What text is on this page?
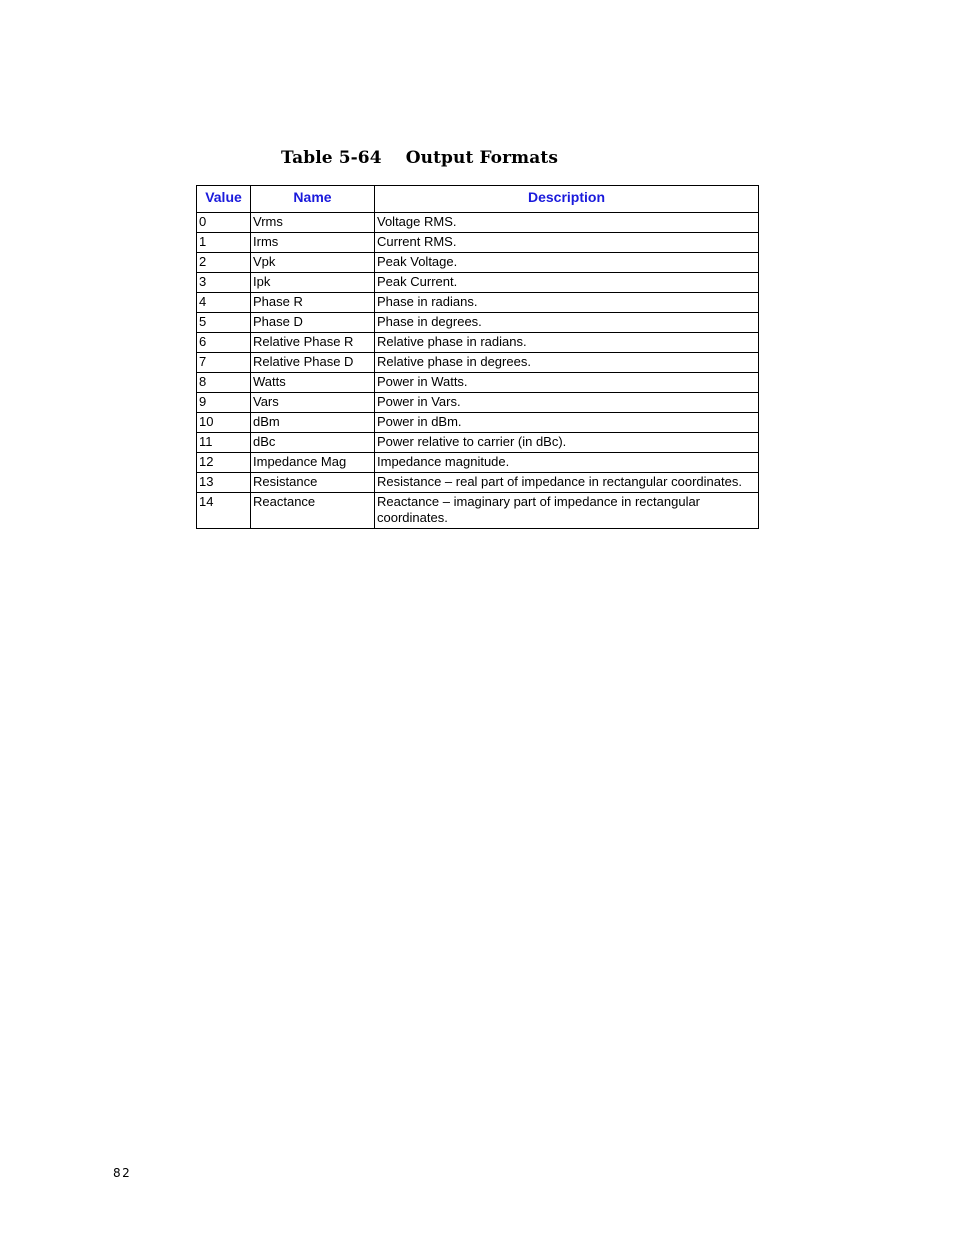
Table 5-64 Output Formats
Value	Name	Description
0	Vrms	Voltage RMS.
1	Irms	Current RMS.
2	Vpk	Peak Voltage.
3	Ipk	Peak Current.
4	Phase R	Phase in radians.
5	Phase D	Phase in degrees.
6	Relative Phase R	Relative phase in radians.
7	Relative Phase D	Relative phase in degrees.
8	Watts	Power in Watts.
9	Vars	Power in Vars.
10	dBm	Power in dBm.
11	dBc	Power relative to carrier (in dBc).
12	Impedance Mag	Impedance magnitude.
13	Resistance	Resistance – real part of impedance in rectangular coordinates.
14	Reactance	Reactance – imaginary part of impedance in rectangular coordinates.
82
